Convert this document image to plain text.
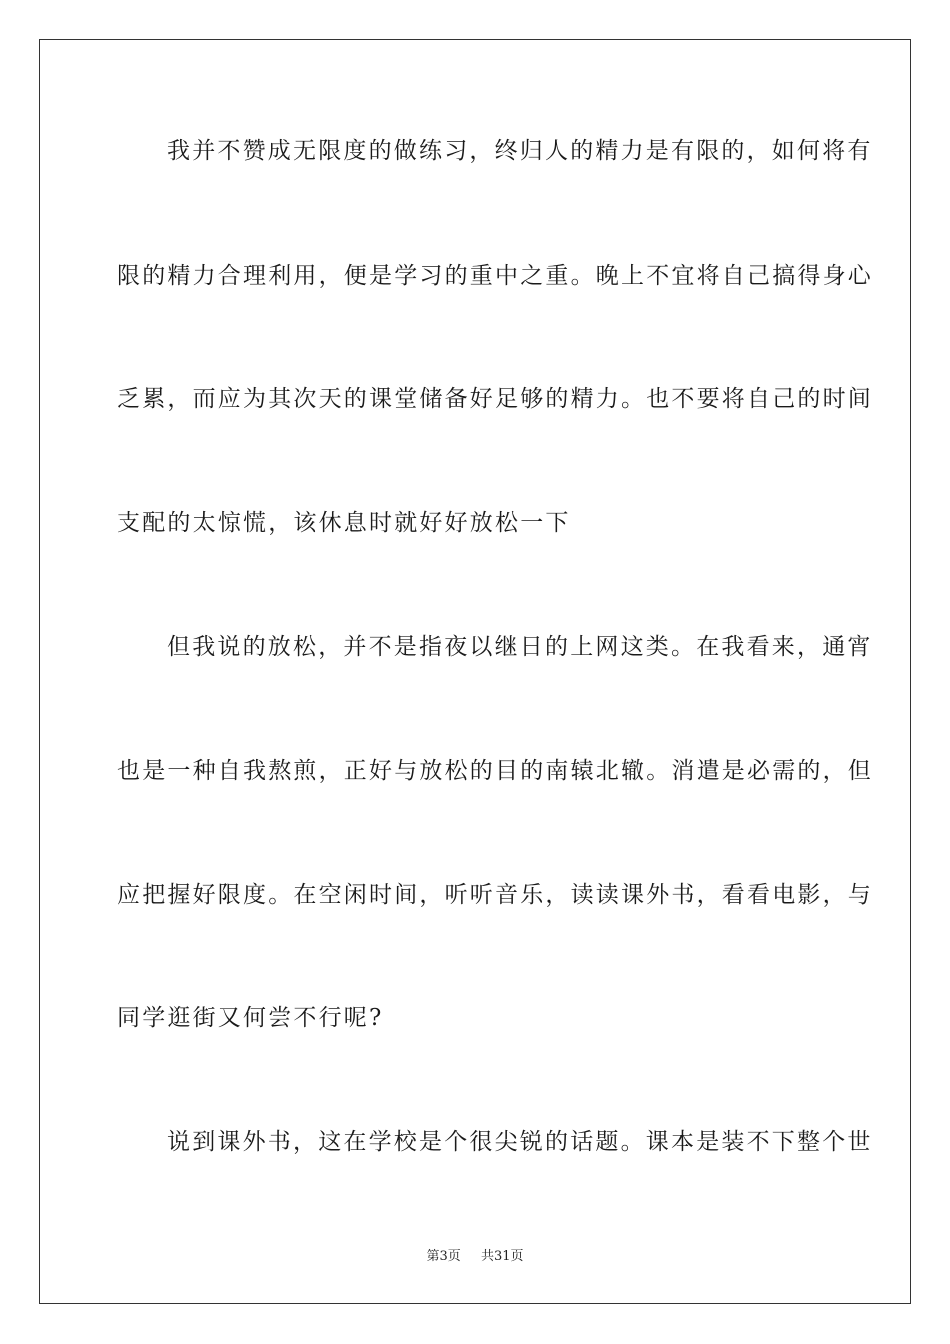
我并不赞成无限度的做练习，终归人的精力是有限的，如何将有
限的精力合理利用，便是学习的重中之重。晚上不宜将自己搞得身心
乏累，而应为其次天的课堂储备好足够的精力。也不要将自己的时间
支配的太惊慌，该休息时就好好放松一下
但我说的放松，并不是指夜以继日的上网这类。在我看来，通宵
也是一种自我熬煎，正好与放松的目的南辕北辙。消遣是必需的，但
应把握好限度。在空闲时间，听听音乐，读读课外书，看看电影，与
同学逛街又何尝不行呢?
说到课外书，这在学校是个很尖锐的话题。课本是装不下整个世
第3页 共31页
